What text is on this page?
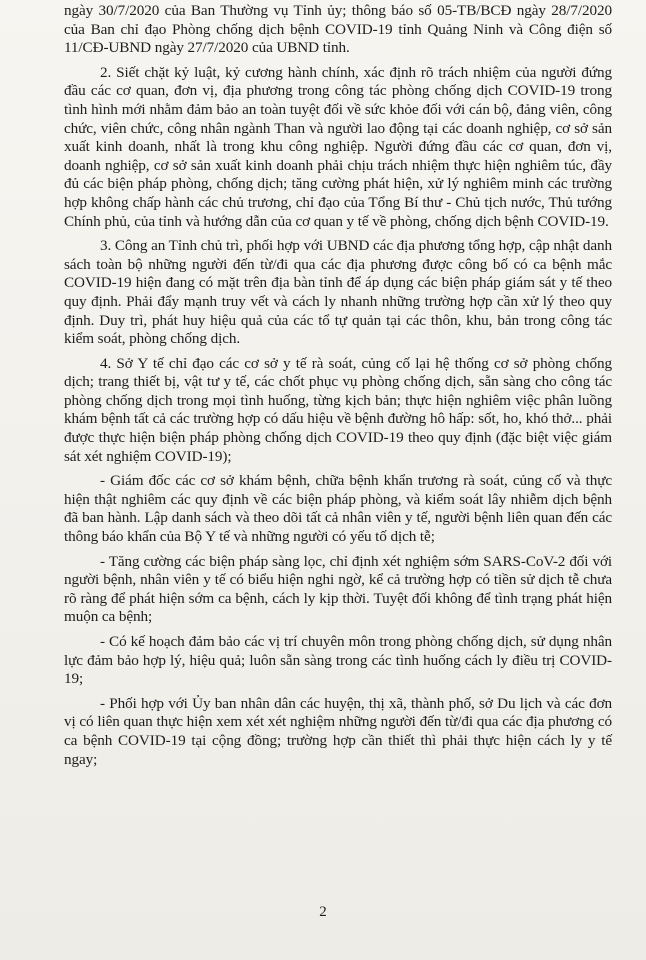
ngày 30/7/2020 của Ban Thường vụ Tỉnh ủy; thông báo số 05-TB/BCĐ ngày 28/7/2020 của Ban chỉ đạo Phòng chống dịch bệnh COVID-19 tỉnh Quảng Ninh và Công điện số 11/CĐ-UBND ngày 27/7/2020 của UBND tỉnh.

2. Siết chặt kỷ luật, kỷ cương hành chính, xác định rõ trách nhiệm của người đứng đầu các cơ quan, đơn vị, địa phương trong công tác phòng chống dịch COVID-19 trong tình hình mới nhằm đảm bảo an toàn tuyệt đối về sức khỏe đối với cán bộ, đảng viên, công chức, viên chức, công nhân ngành Than và người lao động tại các doanh nghiệp, cơ sở sản xuất kinh doanh, nhất là trong khu công nghiệp. Người đứng đầu các cơ quan, đơn vị, doanh nghiệp, cơ sở sản xuất kinh doanh phải chịu trách nhiệm thực hiện nghiêm túc, đầy đủ các biện pháp phòng, chống dịch; tăng cường phát hiện, xử lý nghiêm minh các trường hợp không chấp hành các chủ trương, chỉ đạo của Tổng Bí thư - Chủ tịch nước, Thủ tướng Chính phủ, của tỉnh và hướng dẫn của cơ quan y tế về phòng, chống dịch bệnh COVID-19.

3. Công an Tỉnh chủ trì, phối hợp với UBND các địa phương tổng hợp, cập nhật danh sách toàn bộ những người đến từ/đi qua các địa phương được công bố có ca bệnh mắc COVID-19 hiện đang có mặt trên địa bàn tỉnh để áp dụng các biện pháp giám sát y tế theo quy định. Phải đẩy mạnh truy vết và cách ly nhanh những trường hợp cần xử lý theo quy định. Duy trì, phát huy hiệu quả của các tổ tự quản tại các thôn, khu, bản trong công tác kiểm soát, phòng chống dịch.

4. Sở Y tế chỉ đạo các cơ sở y tế rà soát, củng cố lại hệ thống cơ sở phòng chống dịch; trang thiết bị, vật tư y tế, các chốt phục vụ phòng chống dịch, sẵn sàng cho công tác phòng chống dịch trong mọi tình huống, từng kịch bản; thực hiện nghiêm việc phân luồng khám bệnh tất cả các trường hợp có dấu hiệu về bệnh đường hô hấp: sốt, ho, khó thở... phải được thực hiện biện pháp phòng chống dịch COVID-19 theo quy định (đặc biệt việc giám sát xét nghiệm COVID-19);

- Giám đốc các cơ sở khám bệnh, chữa bệnh khẩn trương rà soát, củng cố và thực hiện thật nghiêm các quy định về các biện pháp phòng, và kiểm soát lây nhiễm dịch bệnh đã ban hành. Lập danh sách và theo dõi tất cả nhân viên y tế, người bệnh liên quan đến các thông báo khẩn của Bộ Y tế và những người có yếu tố dịch tễ;

- Tăng cường các biện pháp sàng lọc, chỉ định xét nghiệm sớm SARS-CoV-2 đối với người bệnh, nhân viên y tế có biểu hiện nghi ngờ, kể cả trường hợp có tiền sử dịch tễ chưa rõ ràng để phát hiện sớm ca bệnh, cách ly kịp thời. Tuyệt đối không để tình trạng phát hiện muộn ca bệnh;

- Có kế hoạch đảm bảo các vị trí chuyên môn trong phòng chống dịch, sử dụng nhân lực đảm bảo hợp lý, hiệu quả; luôn sẵn sàng trong các tình huống cách ly điều trị COVID-19;

- Phối hợp với Ủy ban nhân dân các huyện, thị xã, thành phố, sở Du lịch và các đơn vị có liên quan thực hiện xem xét xét nghiệm những người đến từ/đi qua các địa phương có ca bệnh COVID-19 tại cộng đồng; trường hợp cần thiết thì phải thực hiện cách ly y tế ngay;

2
